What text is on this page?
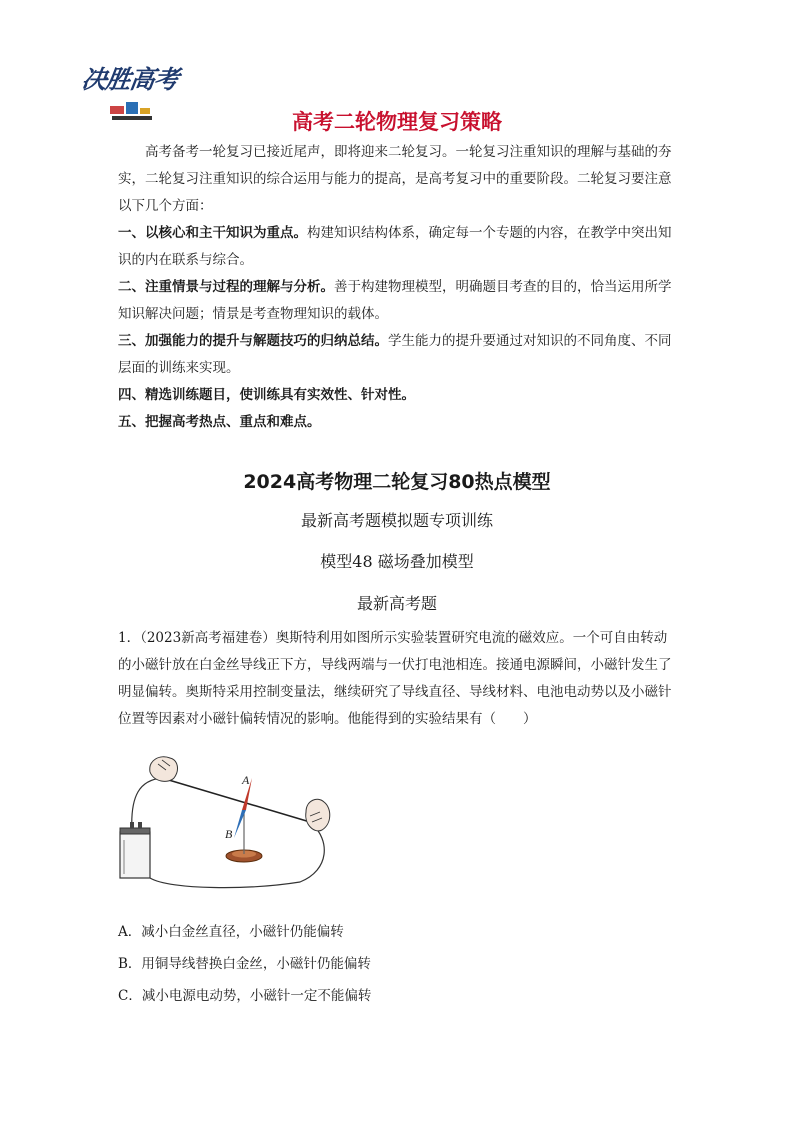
决胜高考
高考二轮物理复习策略

高考备考一轮复习已接近尾声，即将迎来二轮复习。一轮复习注重知识的理解与基础的夯实，二轮复习注重知识的综合运用与能力的提高，是高考复习中的重要阶段。二轮复习要注意以下几个方面：

一、以核心和主干知识为重点。构建知识结构体系，确定每一个专题的内容，在教学中突出知识的内在联系与综合。

二、注重情景与过程的理解与分析。善于构建物理模型，明确题目考查的目的，恰当运用所学知识解决问题；情景是考查物理知识的载体。

三、加强能力的提升与解题技巧的归纳总结。学生能力的提升要通过对知识的不同角度、不同层面的训练来实现。

四、精选训练题目，使训练具有实效性、针对性。

五、把握高考热点、重点和难点。

2024高考物理二轮复习80热点模型
最新高考题模拟题专项训练
模型48 磁场叠加模型
最新高考题

1．（2023新高考福建卷）奥斯特利用如图所示实验装置研究电流的磁效应。一个可自由转动的小磁针放在白金丝导线正下方，导线两端与一伏打电池相连。接通电源瞬间，小磁针发生了明显偏转。奥斯特采用控制变量法，继续研究了导线直径、导线材料、电池电动势以及小磁针位置等因素对小磁针偏转情况的影响。他能得到的实验结果有（　　）

A
B
A．减小白金丝直径，小磁针仍能偏转
B．用铜导线替换白金丝，小磁针仍能偏转
C．减小电源电动势，小磁针一定不能偏转
